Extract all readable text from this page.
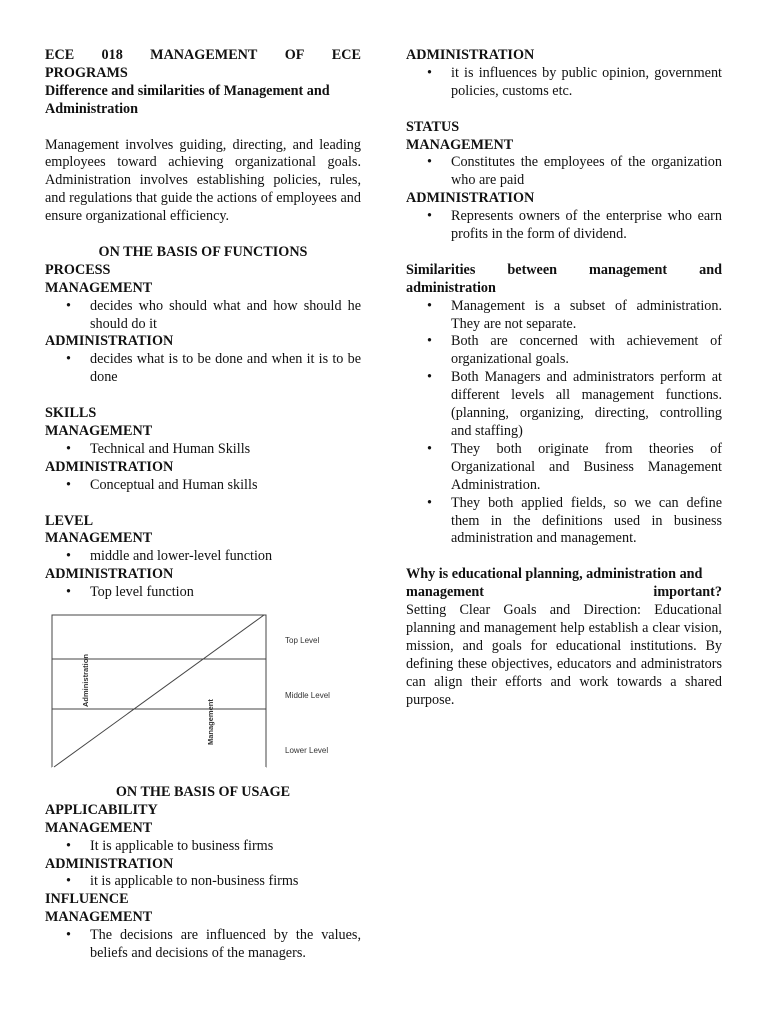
ECE 018 MANAGEMENT OF ECE

PROGRAMS

Difference and similarities of Management and Administration

Management involves guiding, directing, and leading employees toward achieving organizational goals. Administration involves establishing policies, rules, and regulations that guide the actions of employees and ensure organizational efficiency.

ON THE BASIS OF FUNCTIONS

PROCESS

MANAGEMENT

• decides who should what and how should he should do it

ADMINISTRATION

• decides what is to be done and when it is to be done

SKILLS

MANAGEMENT

• Technical and Human Skills

ADMINISTRATION

• Conceptual and Human skills

LEVEL

MANAGEMENT

• middle and lower-level function

ADMINISTRATION

• Top level function
Administration
Management
Top Level
Middle Level
Lower Level

ON THE BASIS OF USAGE

APPLICABILITY

MANAGEMENT

• It is applicable to business firms

ADMINISTRATION

• it is applicable to non-business firms

INFLUENCE

MANAGEMENT

• The decisions are influenced by the values, beliefs and decisions of the managers.

ADMINISTRATION

• it is influences by public opinion, government policies, customs etc.

STATUS

MANAGEMENT

• Constitutes the employees of the organization who are paid

ADMINISTRATION

• Represents owners of the enterprise who earn profits in the form of dividend.
Similarities between management and

administration

• Management is a subset of administration. They are not separate.
• Both are concerned with achievement of organizational goals.
• Both Managers and administrators perform at different levels all management functions. (planning, organizing, directing, controlling and staffing)
• They both originate from theories of Organizational and Business Management Administration.
• They both applied fields, so we can define them in the definitions used in business administration and management.

Why is educational planning, administration and

management	important?

Setting Clear Goals and Direction: Educational planning and management help establish a clear vision, mission, and goals for educational institutions. By defining these objectives, educators and administrators can align their efforts and work towards a shared purpose.
